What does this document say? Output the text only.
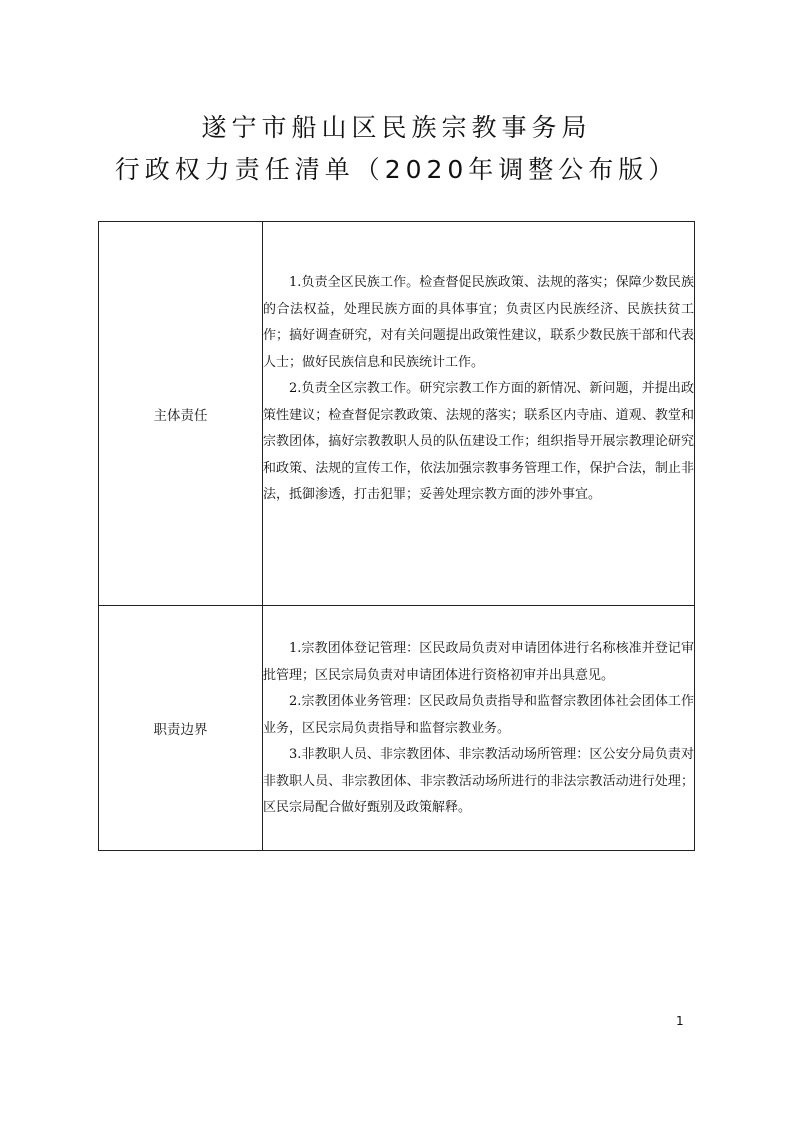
遂宁市船山区民族宗教事务局
行政权力责任清单（2020年调整公布版）
主体责任	1.负责全区民族工作。检查督促民族政策、法规的落实；保障少数民族的合法权益，处理民族方面的具体事宜；负责区内民族经济、民族扶贫工作；搞好调查研究，对有关问题提出政策性建议，联系少数民族干部和代表人士；做好民族信息和民族统计工作。

2.负责全区宗教工作。研究宗教工作方面的新情况、新问题，并提出政策性建议；检查督促宗教政策、法规的落实；联系区内寺庙、道观、教堂和宗教团体，搞好宗教教职人员的队伍建设工作；组织指导开展宗教理论研究和政策、法规的宣传工作，依法加强宗教事务管理工作，保护合法，制止非法，抵御渗透，打击犯罪；妥善处理宗教方面的涉外事宜。

职责边界	1.宗教团体登记管理：区民政局负责对申请团体进行名称核准并登记审批管理；区民宗局负责对申请团体进行资格初审并出具意见。

2.宗教团体业务管理：区民政局负责指导和监督宗教团体社会团体工作业务，区民宗局负责指导和监督宗教业务。

3.非教职人员、非宗教团体、非宗教活动场所管理：区公安分局负责对非教职人员、非宗教团体、非宗教活动场所进行的非法宗教活动进行处理；区民宗局配合做好甄别及政策解释。

1
